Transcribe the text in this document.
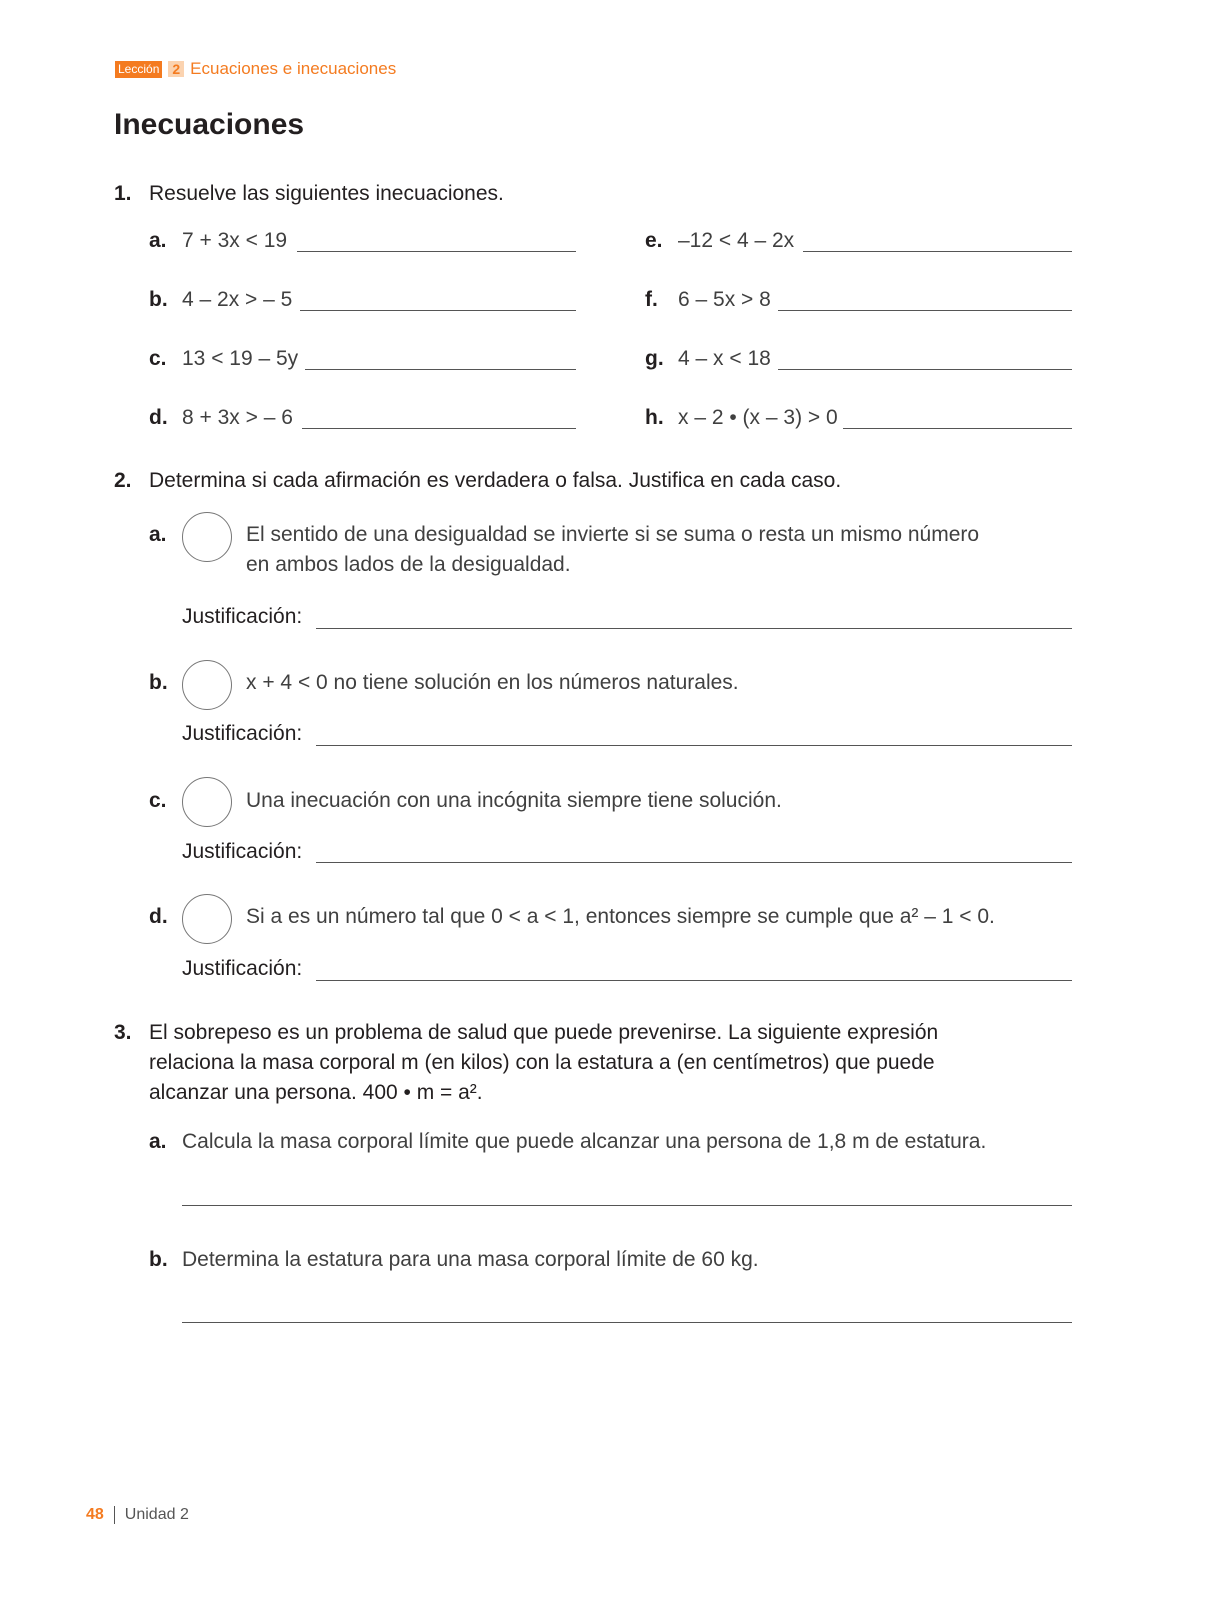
Lección 2 Ecuaciones e inecuaciones
Inecuaciones
1. Resuelve las siguientes inecuaciones.
a. 7 + 3x < 19
b. 4 – 2x > – 5
c. 13 < 19 – 5y
d. 8 + 3x > – 6
e. –12 < 4 – 2x
f. 6 – 5x > 8
g. 4 – x < 18
h. x – 2 • (x – 3) > 0
2. Determina si cada afirmación es verdadera o falsa. Justifica en cada caso.
a.	El sentido de una desigualdad se invierte si se suma o resta un mismo número
en ambos lados de la desigualdad.
Justificación:
b.	x + 4 < 0 no tiene solución en los números naturales.
Justificación:
c.	Una inecuación con una incógnita siempre tiene solución.
Justificación:
d.	Si a es un número tal que 0 < a < 1, entonces siempre se cumple que a² – 1 < 0.
Justificación:
3. El sobrepeso es un problema de salud que puede prevenirse. La siguiente expresión
relaciona la masa corporal m (en kilos) con la estatura a (en centímetros) que puede
alcanzar una persona. 400 • m = a².
a. Calcula la masa corporal límite que puede alcanzar una persona de 1,8 m de estatura.
b. Determina la estatura para una masa corporal límite de 60 kg.
48 Unidad 2
